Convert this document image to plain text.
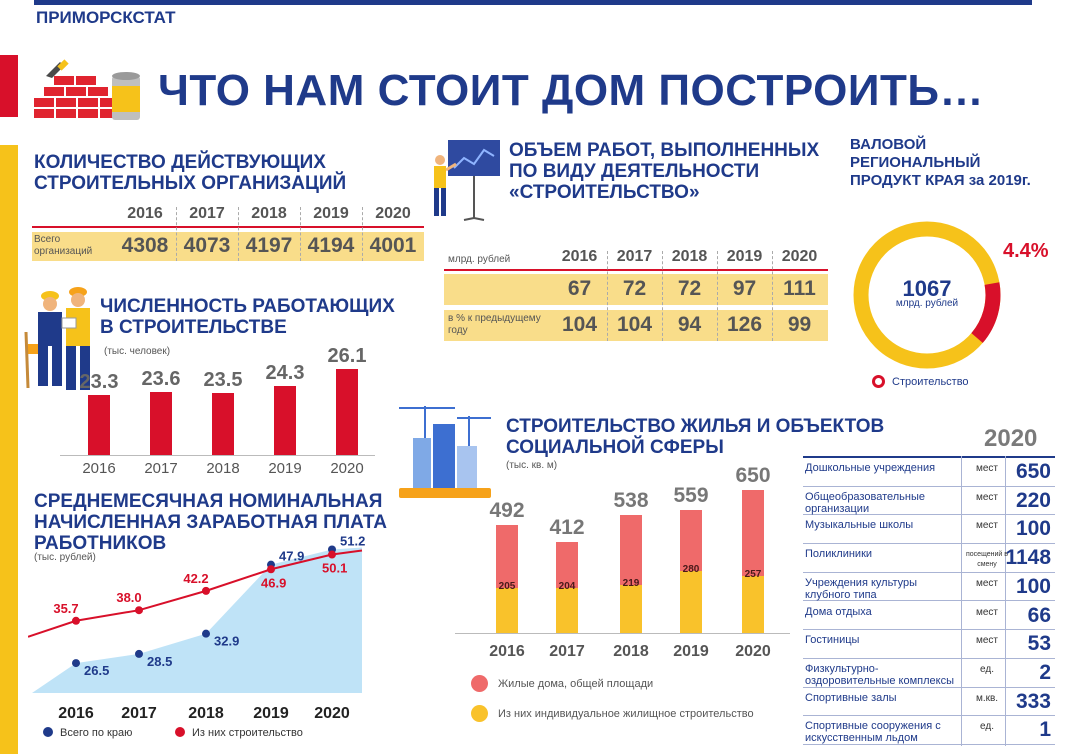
ПРИМОРСКСТАТ
ЧТО НАМ СТОИТ ДОМ ПОСТРОИТЬ…
КОЛИЧЕСТВО ДЕЙСТВУЮЩИХ
СТРОИТЕЛЬНЫХ ОРГАНИЗАЦИЙ
Всего организаций
2016	2017	2018	2019	2020
4308 4073 4197 4194 4001
ОБЪЕМ РАБОТ, ВЫПОЛНЕННЫХ
ПО ВИДУ ДЕЯТЕЛЬНОСТИ
«СТРОИТЕЛЬСТВО»
млрд. рублей
в % к предыдущему году
2016	2017	2018	2019	2020
67	72	72	97	111
104 104	94	126	99
ВАЛОВОЙ
РЕГИОНАЛЬНЫЙ
ПРОДУКТ КРАЯ за 2019г.
1067
млрд. рублей
4.4%
Строительство
ЧИСЛЕННОСТЬ РАБОТАЮЩИХ
В СТРОИТЕЛЬСТВЕ
(тыс. человек)
23.3
2016
23.6
2017
23.5
2018
24.3
2019
26.1
2020
СРЕДНЕМЕСЯЧНАЯ НОМИНАЛЬНАЯ
НАЧИСЛЕННАЯ ЗАРАБОТНАЯ ПЛАТА
РАБОТНИКОВ
(тыс. рублей)
26.5
35.7
2016
28.5
38.0
2017
32.9
42.2
2018
47.9
46.9
2019
51.2
50.1
2020
Всего по краю	Из них строительство
СТРОИТЕЛЬСТВО ЖИЛЬЯ И ОБЪЕКТОВ
СОЦИАЛЬНОЙ СФЕРЫ
(тыс. кв. м)
205
492
2016
204
412
2017
219
538
2018
280
559
2019
257
650
2020
Жилые дома, общей площади
Из них индивидуальное жилищное строительство
2020
Дошкольные учреждения	мест 650
Общеобразовательные организации
мест 220
Музыкальные школы	мест 100
Поликлиники	посещений в смену 1148
Учреждения культуры клубного типа
мест 100
Дома отдыха	мест	66
Гостиницы	мест	53
Физкультурно-оздоровительные комплексы
ед.	2
Спортивные залы	м.кв. 333
Спортивные сооружения с искусственным льдом
ед.	1
